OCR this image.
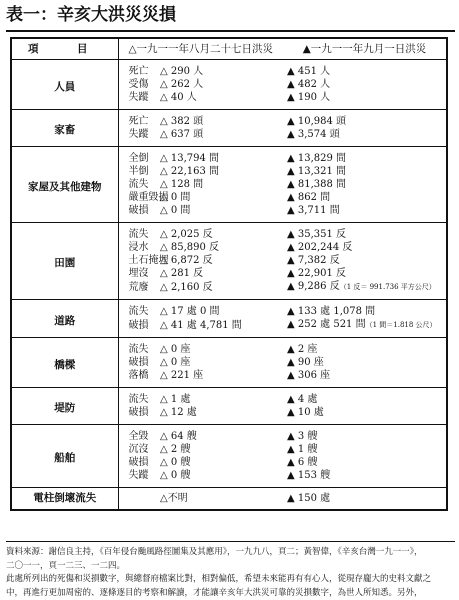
表一：辛亥大洪災災損
項　目	△一九一一年八月二十七日洪災		▲一九一一年九月一日洪災
人員	死亡	△ 290 人	▲ 451 人
	受傷	△ 262 人	▲ 482 人
	失蹤	△ 40 人	▲ 190 人
家畜	死亡	△ 382 頭	▲ 10,984 頭
	失蹤	△ 637 頭	▲ 3,574 頭
家屋及其他建物	全倒	△ 13,794 間	▲ 13,829 間
	半倒	△ 22,163 間	▲ 13,321 間
	流失	△ 128 間	▲ 81,388 間
	嚴重毀損	△ 0 間	▲ 862 間
	破損	△ 0 間	▲ 3,711 間
田園	流失	△ 2,025 反	▲ 35,351 反
	浸水	△ 85,890 反	▲ 202,244 反
	土石掩埋	△ 6,872 反	▲ 7,382 反
	埋沒	△ 281 反	▲ 22,901 反
	荒廢	△ 2,160 反	▲ 9,286 反（1 反＝ 991.736 平方公尺）
道路	流失	△ 17 處 0 間	▲ 133 處 1,078 間
	破損	△ 41 處 4,781 間	▲ 252 處 521 間（1 間＝1.818 公尺）
橋樑	流失	△ 0 座	▲ 2 座
	破損	△ 0 座	▲ 90 座
	落橋	△ 221 座	▲ 306 座
堤防	流失	△ 1 處	▲ 4 處
	破損	△ 12 處	▲ 10 處
船舶	全毀	△ 64 艘	▲ 3 艘
	沉沒	△ 2 艘	▲ 1 艘
	破損	△ 0 艘	▲ 6 艘
	失蹤	△ 0 艘	▲ 153 艘
電柱倒壞流失		△不明	▲ 150 處
資料來源：謝信良主持，《百年侵台颱風路徑圖集及其應用》，一九九八，頁二；黃智偉，《辛亥台灣一九一一》，
二〇一一，頁一二三、一二四。
此處所列出的死傷和災損數字，與總督府檔案比對，相對偏低，希望未來能再有有心人，從現存龐大的史料文獻之
中，再進行更加周密的、逐條逐目的考察和解讀，才能讓辛亥年大洪災可靠的災損數字，為世人所知悉。另外，
